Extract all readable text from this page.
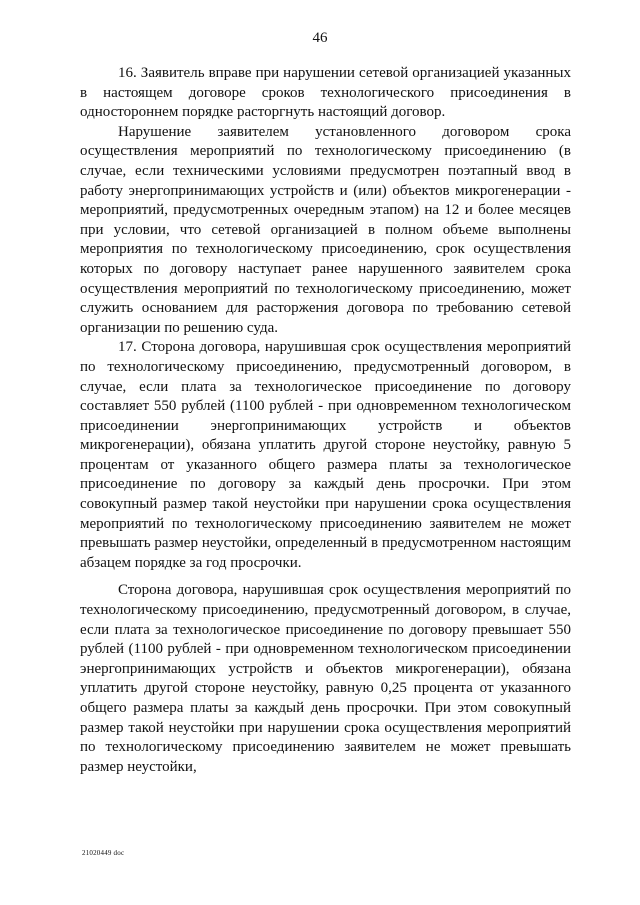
46

16. Заявитель вправе при нарушении сетевой организацией указанных в настоящем договоре сроков технологического присоединения в одностороннем порядке расторгнуть настоящий договор.

Нарушение заявителем установленного договором срока осуществления мероприятий по технологическому присоединению (в случае, если техническими условиями предусмотрен поэтапный ввод в работу энергопринимающих устройств и (или) объектов микрогенерации - мероприятий, предусмотренных очередным этапом) на 12 и более месяцев при условии, что сетевой организацией в полном объеме выполнены мероприятия по технологическому присоединению, срок осуществления которых по договору наступает ранее нарушенного заявителем срока осуществления мероприятий по технологическому присоединению, может служить основанием для расторжения договора по требованию сетевой организации по решению суда.

17. Сторона договора, нарушившая срок осуществления мероприятий по технологическому присоединению, предусмотренный договором, в случае, если плата за технологическое присоединение по договору составляет 550 рублей (1100 рублей - при одновременном технологическом присоединении энергопринимающих устройств и объектов микрогенерации), обязана уплатить другой стороне неустойку, равную 5 процентам от указанного общего размера платы за технологическое присоединение по договору за каждый день просрочки. При этом совокупный размер такой неустойки при нарушении срока осуществления мероприятий по технологическому присоединению заявителем не может превышать размер неустойки, определенный в предусмотренном настоящим абзацем порядке за год просрочки.

Сторона договора, нарушившая срок осуществления мероприятий по технологическому присоединению, предусмотренный договором, в случае, если плата за технологическое присоединение по договору превышает 550 рублей (1100 рублей - при одновременном технологическом присоединении энергопринимающих устройств и объектов микрогенерации), обязана уплатить другой стороне неустойку, равную 0,25 процента от указанного общего размера платы за каждый день просрочки. При этом совокупный размер такой неустойки при нарушении срока осуществления мероприятий по технологическому присоединению заявителем не может превышать размер неустойки,

21020449 doc
